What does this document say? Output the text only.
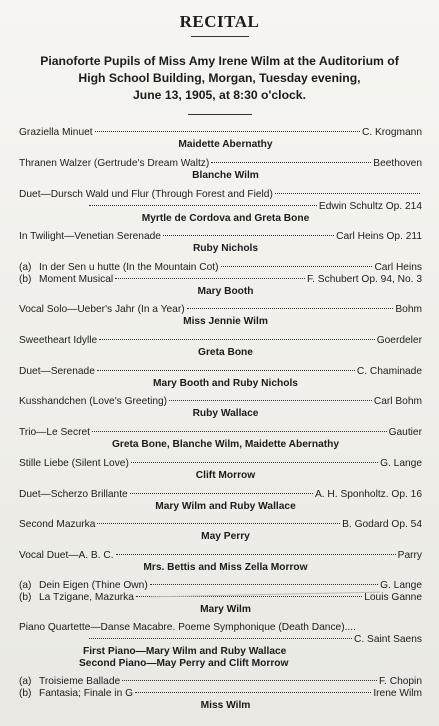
RECITAL
Pianoforte Pupils of Miss Amy Irene Wilm at the Auditorium of
High School Building, Morgan, Tuesday evening,
June 13, 1905, at 8:30 o'clock.
Graziella Minuet	C. Krogmann
Maidette Abernathy
Thranen Walzer (Gertrude's Dream Waltz)	Beethoven
Blanche Wilm
Duet—Dursch Wald und Flur (Through Forest and Field)
Edwin Schultz Op. 214
Myrtle de Cordova and Greta Bone
In Twilight—Venetian Serenade	Carl Heins Op. 211
Ruby Nichols
(a) In der Sen u hutte (In the Mountain Cot)	Carl Heins
(b) Moment Musical	F. Schubert Op. 94, No. 3
Mary Booth
Vocal Solo—Ueber's Jahr (In a Year)	Bohm
Miss Jennie Wilm
Sweetheart Idylle	Goerdeler
Greta Bone
Duet—Serenade	C. Chaminade
Mary Booth and Ruby Nichols
Kusshandchen (Love's Greeting)	Carl Bohm
Ruby Wallace
Trio—Le Secret	Gautier
Greta Bone, Blanche Wilm, Maidette Abernathy
Stille Liebe (Silent Love)	G. Lange
Clift Morrow
Duet—Scherzo Brillante	A. H. Sponholtz. Op. 16
Mary Wilm and Ruby Wallace
Second Mazurka	B. Godard Op. 54
May Perry
Vocal Duet—A. B. C.	Parry
Mrs. Bettis and Miss Zella Morrow
(a) Dein Eigen (Thine Own)	G. Lange
(b) La Tzigane, Mazurka	Louis Ganne
Mary Wilm
Piano Quartette—Danse Macabre. Poeme Symphonique (Death Dance)....
C. Saint Saens
First Piano—Mary Wilm and Ruby Wallace
Second Piano—May Perry and Clift Morrow
(a) Troisieme Ballade	F. Chopin
(b) Fantasia; Finale in G	Irene Wilm
Miss Wilm
